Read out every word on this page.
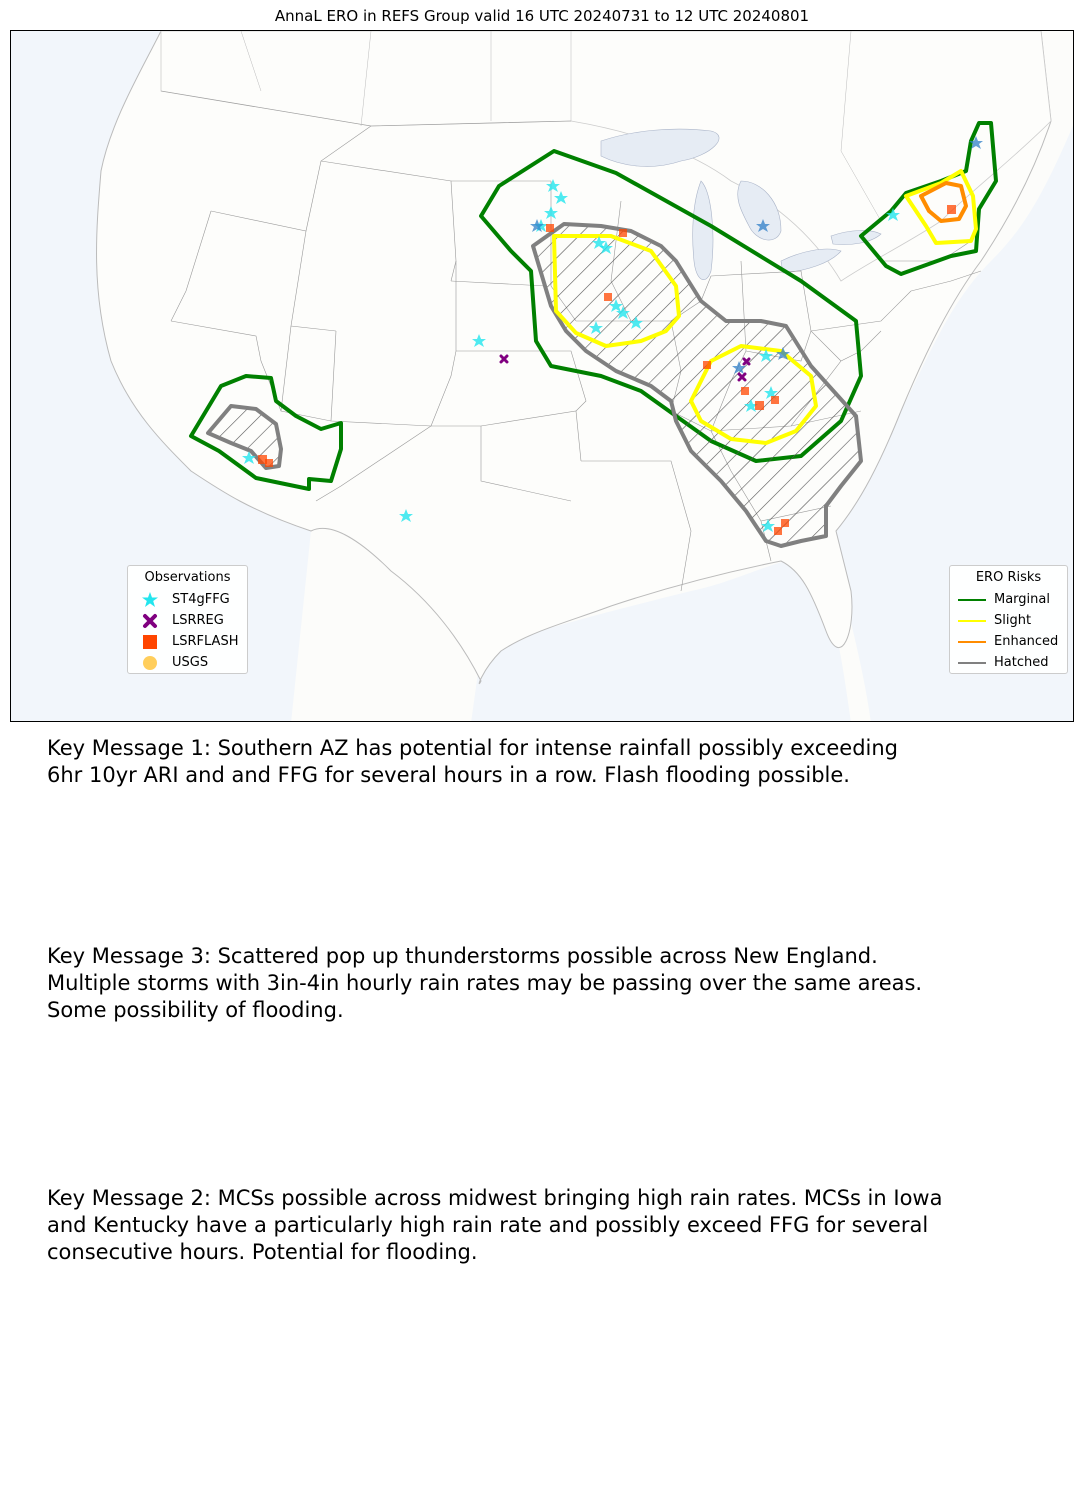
AnnaL ERO in REFS Group valid 16 UTC 20240731 to 12 UTC 20240801
Observations
ST4gFFG
LSRREG
LSRFLASH
USGS
ERO Risks
Marginal
Slight
Enhanced
Hatched
Key Message 1: Southern AZ has potential for intense rainfall possibly exceeding 6hr 10yr ARI and and FFG for several hours in a row. Flash flooding possible.
Key Message 3: Scattered pop up thunderstorms possible across New England. Multiple storms with 3in-4in hourly rain rates may be passing over the same areas. Some possibility of flooding.
Key Message 2: MCSs possible across midwest bringing high rain rates. MCSs in Iowa and Kentucky have a particularly high rain rate and possibly exceed FFG for several consecutive hours. Potential for flooding.
